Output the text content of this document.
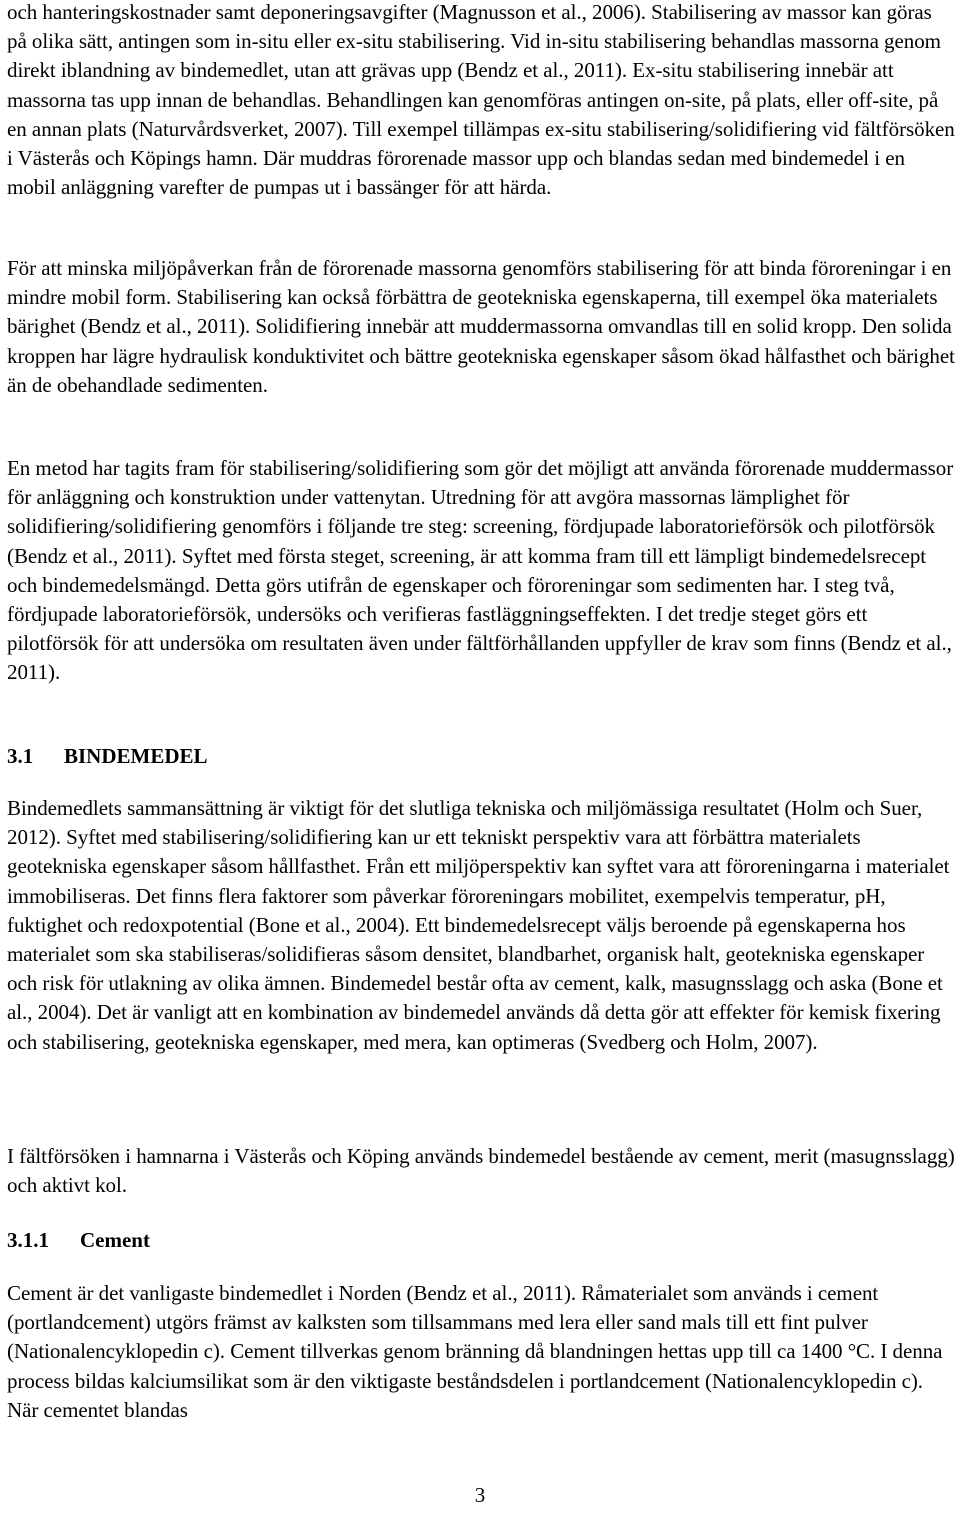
och hanteringskostnader samt deponeringsavgifter (Magnusson et al., 2006). Stabilisering av massor kan göras på olika sätt, antingen som in-situ eller ex-situ stabilisering. Vid in-situ stabilisering behandlas massorna genom direkt iblandning av bindemedlet, utan att grävas upp (Bendz et al., 2011). Ex-situ stabilisering innebär att massorna tas upp innan de behandlas. Behandlingen kan genomföras antingen on-site, på plats, eller off-site, på en annan plats (Naturvårdsverket, 2007). Till exempel tillämpas ex-situ stabilisering/solidifiering vid fältförsöken i Västerås och Köpings hamn. Där muddras förorenade massor upp och blandas sedan med bindemedel i en mobil anläggning varefter de pumpas ut i bassänger för att härda.

För att minska miljöpåverkan från de förorenade massorna genomförs stabilisering för att binda föroreningar i en mindre mobil form. Stabilisering kan också förbättra de geotekniska egenskaperna, till exempel öka materialets bärighet (Bendz et al., 2011). Solidifiering innebär att muddermassorna omvandlas till en solid kropp. Den solida kroppen har lägre hydraulisk konduktivitet och bättre geotekniska egenskaper såsom ökad hålfasthet och bärighet än de obehandlade sedimenten.

En metod har tagits fram för stabilisering/solidifiering som gör det möjligt att använda förorenade muddermassor för anläggning och konstruktion under vattenytan. Utredning för att avgöra massornas lämplighet för solidifiering/solidifiering genomförs i följande tre steg: screening, fördjupade laboratorieförsök och pilotförsök (Bendz et al., 2011). Syftet med första steget, screening, är att komma fram till ett lämpligt bindemedelsrecept och bindemedelsmängd. Detta görs utifrån de egenskaper och föroreningar som sedimenten har. I steg två, fördjupade laboratorieförsök, undersöks och verifieras fastläggningseffekten. I det tredje steget görs ett pilotförsök för att undersöka om resultaten även under fältförhållanden uppfyller de krav som finns (Bendz et al., 2011).

3.1 BINDEMEDEL

Bindemedlets sammansättning är viktigt för det slutliga tekniska och miljömässiga resultatet (Holm och Suer, 2012). Syftet med stabilisering/solidifiering kan ur ett tekniskt perspektiv vara att förbättra materialets geotekniska egenskaper såsom hållfasthet. Från ett miljöperspektiv kan syftet vara att föroreningarna i materialet immobiliseras. Det finns flera faktorer som påverkar föroreningars mobilitet, exempelvis temperatur, pH, fuktighet och redoxpotential (Bone et al., 2004). Ett bindemedelsrecept väljs beroende på egenskaperna hos materialet som ska stabiliseras/solidifieras såsom densitet, blandbarhet, organisk halt, geotekniska egenskaper och risk för utlakning av olika ämnen. Bindemedel består ofta av cement, kalk, masugnsslagg och aska (Bone et al., 2004). Det är vanligt att en kombination av bindemedel används då detta gör att effekter för kemisk fixering och stabilisering, geotekniska egenskaper, med mera, kan optimeras (Svedberg och Holm, 2007).

I fältförsöken i hamnarna i Västerås och Köping används bindemedel bestående av cement, merit (masugnsslagg) och aktivt kol.

3.1.1 Cement

Cement är det vanligaste bindemedlet i Norden (Bendz et al., 2011). Råmaterialet som används i cement (portlandcement) utgörs främst av kalksten som tillsammans med lera eller sand mals till ett fint pulver (Nationalencyklopedin c). Cement tillverkas genom bränning då blandningen hettas upp till ca 1400 °C. I denna process bildas kalciumsilikat som är den viktigaste beståndsdelen i portlandcement (Nationalencyklopedin c). När cementet blandas

3
